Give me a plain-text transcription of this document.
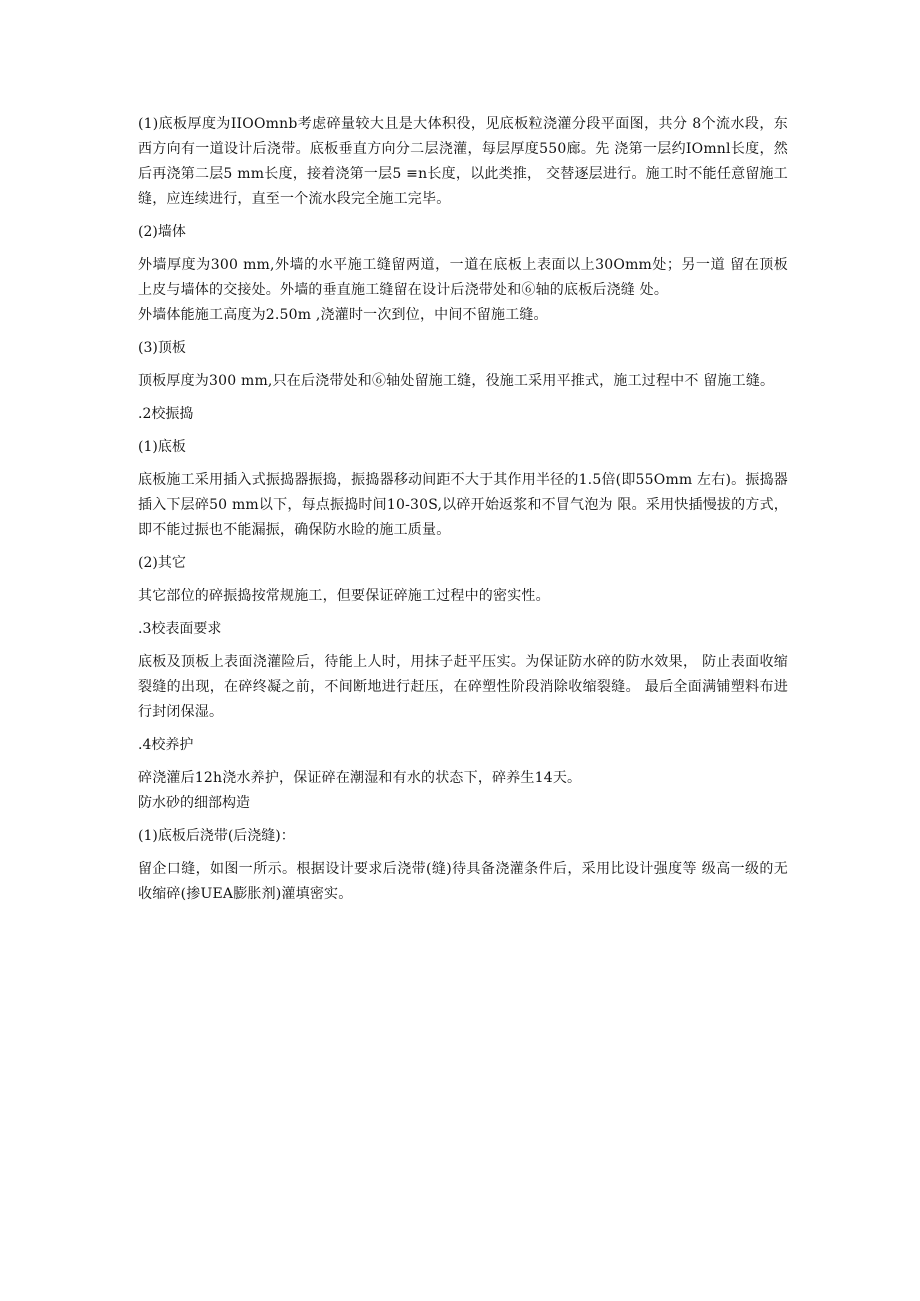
(1)底板厚度为IIOOmnb考虑碎量较大且是大体积役，见底板粒浇灌分段平面图，共分 8个流水段，东西方向有一道设计后浇带。底板垂直方向分二层浇灌，每层厚度550廊。先 浇第一层约IOmnl长度，然后再浇第二层5 mm长度，接着浇第一层5 ≡n长度，以此类推， 交替逐层进行。施工时不能任意留施工缝，应连续进行，直至一个流水段完全施工完毕。

(2)墙体

外墙厚度为300 mm,外墙的水平施工缝留两道，一道在底板上表面以上30Omm处；另一道 留在顶板上皮与墙体的交接处。外墙的垂直施工缝留在设计后浇带处和⑥轴的底板后浇缝 处。

外墙体能施工高度为2.50m ,浇灌时一次到位，中间不留施工缝。

(3)顶板

顶板厚度为300 mm,只在后浇带处和⑥轴处留施工缝，役施工采用平推式，施工过程中不 留施工缝。

.2校振捣

(1)底板

底板施工采用插入式振捣器振捣，振捣器移动间距不大于其作用半径的1.5倍(即55Omm 左右)。振捣器插入下层碎50 mm以下，每点振捣时间10-30S,以碎开始返浆和不冒气泡为 限。采用快插慢拔的方式，即不能过振也不能漏振，确保防水睑的施工质量。

(2)其它

其它部位的碎振捣按常规施工，但要保证碎施工过程中的密实性。

.3校表面要求

底板及顶板上表面浇灌险后，待能上人时，用抹子赶平压实。为保证防水碎的防水效果， 防止表面收缩裂缝的出现，在碎终凝之前，不间断地进行赶压，在碎塑性阶段消除收缩裂缝。 最后全面满铺塑料布进行封闭保湿。

.4校养护

碎浇灌后12h浇水养护，保证碎在潮湿和有水的状态下，碎养生14天。

防水砂的细部构造

(1)底板后浇带(后浇缝)：

留企口缝，如图一所示。根据设计要求后浇带(缝)待具备浇灌条件后，采用比设计强度等 级高一级的无收缩碎(掺UEA膨胀剂)灌填密实。
